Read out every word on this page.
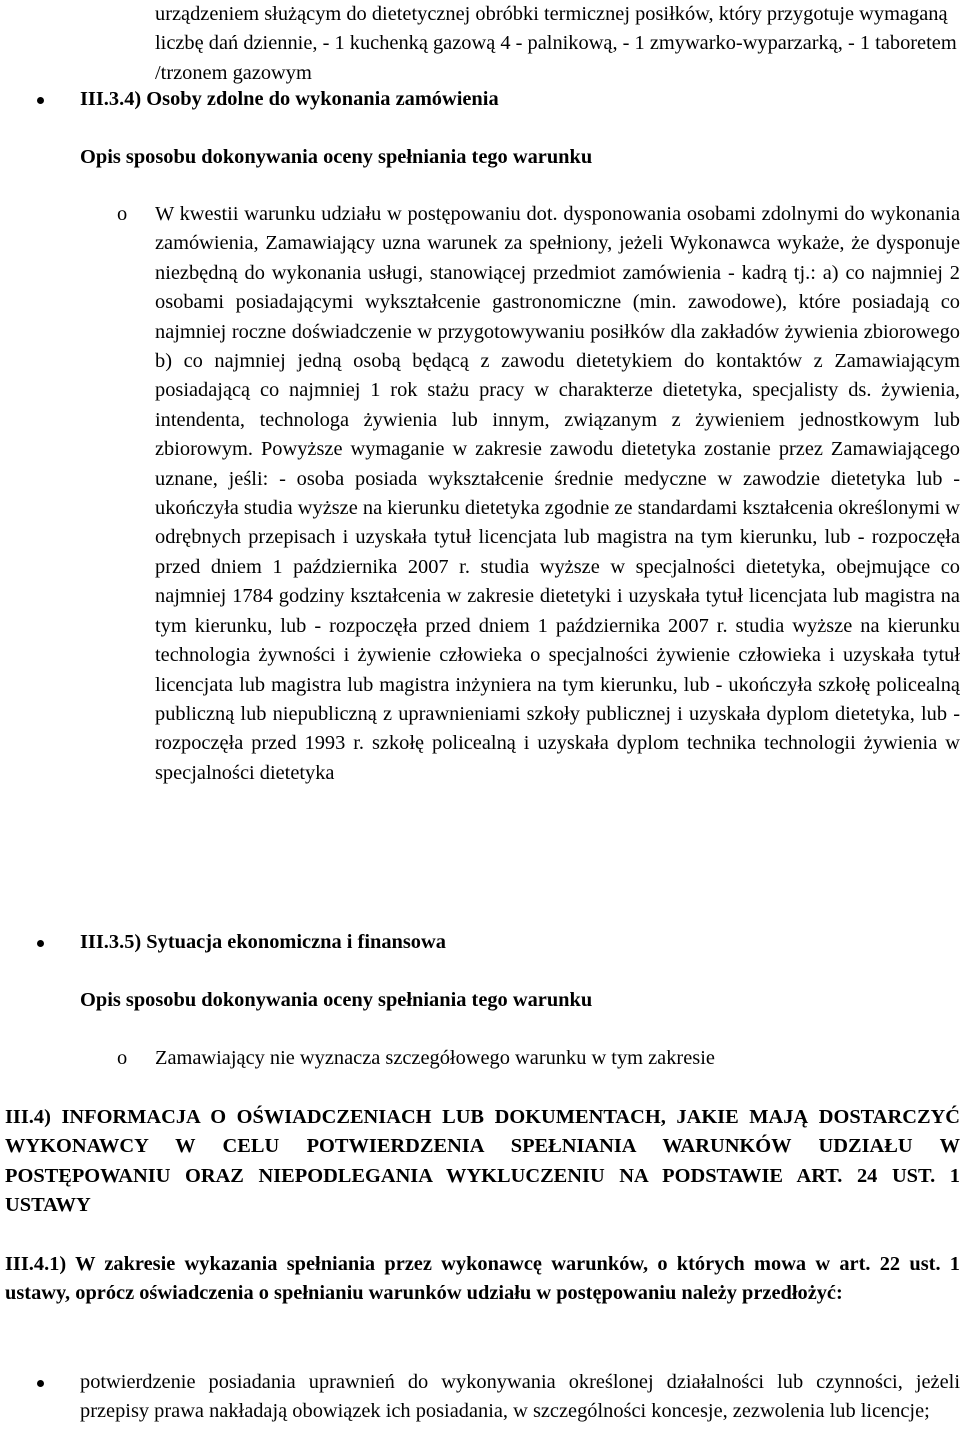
urządzeniem służącym do dietetycznej obróbki termicznej posiłków, który przygotuje wymaganą liczbę dań dziennie, - 1 kuchenką gazową 4 - palnikową, - 1 zmywarko-wyparzarką, - 1 taboretem /trzonem gazowym

III.3.4) Osoby zdolne do wykonania zamówienia

Opis sposobu dokonywania oceny spełniania tego warunku

o W kwestii warunku udziału w postępowaniu dot. dysponowania osobami zdolnymi do wykonania zamówienia, Zamawiający uzna warunek za spełniony, jeżeli Wykonawca wykaże, że dysponuje niezbędną do wykonania usługi, stanowiącej przedmiot zamówienia - kadrą tj.: a) co najmniej 2 osobami posiadającymi wykształcenie gastronomiczne (min. zawodowe), które posiadają co najmniej roczne doświadczenie w przygotowywaniu posiłków dla zakładów żywienia zbiorowego b) co najmniej jedną osobą będącą z zawodu dietetykiem do kontaktów z Zamawiającym posiadającą co najmniej 1 rok stażu pracy w charakterze dietetyka, specjalisty ds. żywienia, intendenta, technologa żywienia lub innym, związanym z żywieniem jednostkowym lub zbiorowym. Powyższe wymaganie w zakresie zawodu dietetyka zostanie przez Zamawiającego uznane, jeśli: - osoba posiada wykształcenie średnie medyczne w zawodzie dietetyka lub - ukończyła studia wyższe na kierunku dietetyka zgodnie ze standardami kształcenia określonymi w odrębnych przepisach i uzyskała tytuł licencjata lub magistra na tym kierunku, lub - rozpoczęła przed dniem 1 października 2007 r. studia wyższe w specjalności dietetyka, obejmujące co najmniej 1784 godziny kształcenia w zakresie dietetyki i uzyskała tytuł licencjata lub magistra na tym kierunku, lub - rozpoczęła przed dniem 1 października 2007 r. studia wyższe na kierunku technologia żywności i żywienie człowieka o specjalności żywienie człowieka i uzyskała tytuł licencjata lub magistra lub magistra inżyniera na tym kierunku, lub - ukończyła szkołę policealną publiczną lub niepubliczną z uprawnieniami szkoły publicznej i uzyskała dyplom dietetyka, lub - rozpoczęła przed 1993 r. szkołę policealną i uzyskała dyplom technika technologii żywienia w specjalności dietetyka

III.3.5) Sytuacja ekonomiczna i finansowa

Opis sposobu dokonywania oceny spełniania tego warunku

o Zamawiający nie wyznacza szczegółowego warunku w tym zakresie

III.4) INFORMACJA O OŚWIADCZENIACH LUB DOKUMENTACH, JAKIE MAJĄ DOSTARCZYĆ WYKONAWCY W CELU POTWIERDZENIA SPEŁNIANIA WARUNKÓW UDZIAŁU W POSTĘPOWANIU ORAZ NIEPODLEGANIA WYKLUCZENIU NA PODSTAWIE ART. 24 UST. 1 USTAWY

III.4.1) W zakresie wykazania spełniania przez wykonawcę warunków, o których mowa w art. 22 ust. 1 ustawy, oprócz oświadczenia o spełnianiu warunków udziału w postępowaniu należy przedłożyć:

potwierdzenie posiadania uprawnień do wykonywania określonej działalności lub czynności, jeżeli przepisy prawa nakładają obowiązek ich posiadania, w szczególności koncesje, zezwolenia lub licencje;
